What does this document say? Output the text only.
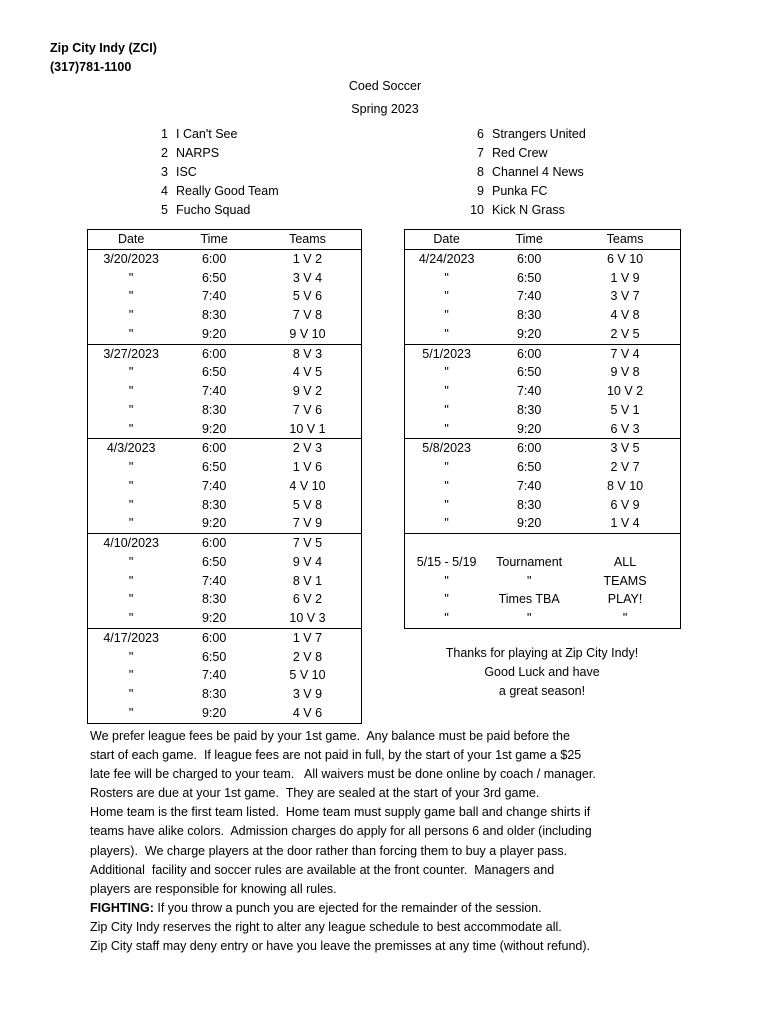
Zip City Indy (ZCI)
(317)781-1100
Coed Soccer
Spring 2023
1 I Can't See
2 NARPS
3 ISC
4 Really Good Team
5 Fucho Squad
6 Strangers United
7 Red Crew
8 Channel 4 News
9 Punka FC
10 Kick N Grass
Date	Time	Teams
3/20/2023	6:00	1 V 2
"	6:50	3 V 4
"	7:40	5 V 6
"	8:30	7 V 8
"	9:20	9 V 10
3/27/2023	6:00	8 V 3
"	6:50	4 V 5
"	7:40	9 V 2
"	8:30	7 V 6
"	9:20	10 V 1
4/3/2023	6:00	2 V 3
"	6:50	1 V 6
"	7:40	4 V 10
"	8:30	5 V 8
"	9:20	7 V 9
4/10/2023	6:00	7 V 5
"	6:50	9 V 4
"	7:40	8 V 1
"	8:30	6 V 2
"	9:20	10 V 3
4/17/2023	6:00	1 V 7
"	6:50	2 V 8
"	7:40	5 V 10
"	8:30	3 V 9
"	9:20	4 V 6
Date	Time	Teams
4/24/2023	6:00	6 V 10
"	6:50	1 V 9
"	7:40	3 V 7
"	8:30	4 V 8
"	9:20	2 V 5
5/1/2023	6:00	7 V 4
"	6:50	9 V 8
"	7:40	10 V 2
"	8:30	5 V 1
"	9:20	6 V 3
5/8/2023	6:00	3 V 5
"	6:50	2 V 7
"	7:40	8 V 10
"	8:30	6 V 9
"	9:20	1 V 4

5/15 - 5/19	Tournament	ALL
"	"	TEAMS
"	Times TBA	PLAY!
"	"	"
Thanks for playing at Zip City Indy!
Good Luck and have
a great season!

We prefer league fees be paid by your 1st game.  Any balance must be paid before the

start of each game.  If league fees are not paid in full, by the start of your 1st game a $25

late fee will be charged to your team.   All waivers must be done online by coach / manager.

Rosters are due at your 1st game.  They are sealed at the start of your 3rd game.

Home team is the first team listed.  Home team must supply game ball and change shirts if

teams have alike colors.  Admission charges do apply for all persons 6 and older (including

players).  We charge players at the door rather than forcing them to buy a player pass.

Additional  facility and soccer rules are available at the front counter.  Managers and

players are responsible for knowing all rules.

FIGHTING: If you throw a punch you are ejected for the remainder of the session.

Zip City Indy reserves the right to alter any league schedule to best accommodate all.

Zip City staff may deny entry or have you leave the premisses at any time (without refund).
